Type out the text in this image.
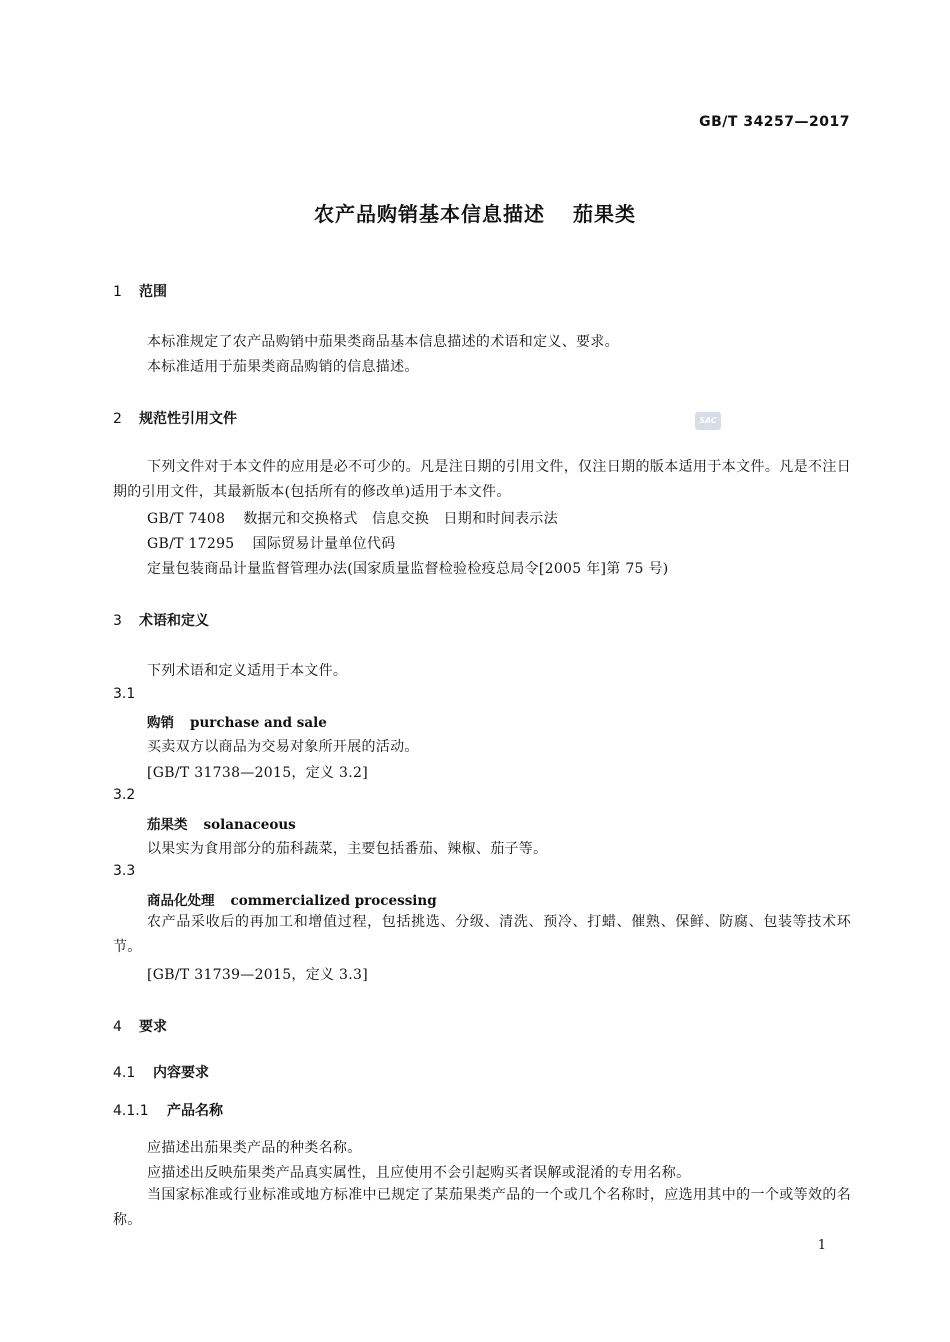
GB/T 34257—2017
农产品购销基本信息描述 茄果类
SAC
1 范围
本标准规定了农产品购销中茄果类商品基本信息描述的术语和定义、要求。
本标准适用于茄果类商品购销的信息描述。
2 规范性引用文件
下列文件对于本文件的应用是必不可少的。凡是注日期的引用文件，仅注日期的版本适用于本文件。凡是不注日期的引用文件，其最新版本(包括所有的修改单)适用于本文件。
GB/T 7408 数据元和交换格式　信息交换　日期和时间表示法
GB/T 17295 国际贸易计量单位代码
定量包装商品计量监督管理办法(国家质量监督检验检疫总局令[2005 年]第 75 号)
3 术语和定义
下列术语和定义适用于本文件。
3.1
购销 purchase and sale
买卖双方以商品为交易对象所开展的活动。
[GB/T 31738—2015，定义 3.2]
3.2
茄果类 solanaceous
以果实为食用部分的茄科蔬菜，主要包括番茄、辣椒、茄子等。
3.3
商品化处理 commercialized processing
农产品采收后的再加工和增值过程，包括挑选、分级、清洗、预冷、打蜡、催熟、保鲜、防腐、包装等技术环节。
[GB/T 31739—2015，定义 3.3]
4 要求
4.1 内容要求
4.1.1 产品名称
应描述出茄果类产品的种类名称。
应描述出反映茄果类产品真实属性，且应使用不会引起购买者误解或混淆的专用名称。
当国家标准或行业标准或地方标准中已规定了某茄果类产品的一个或几个名称时，应选用其中的一个或等效的名称。
1
